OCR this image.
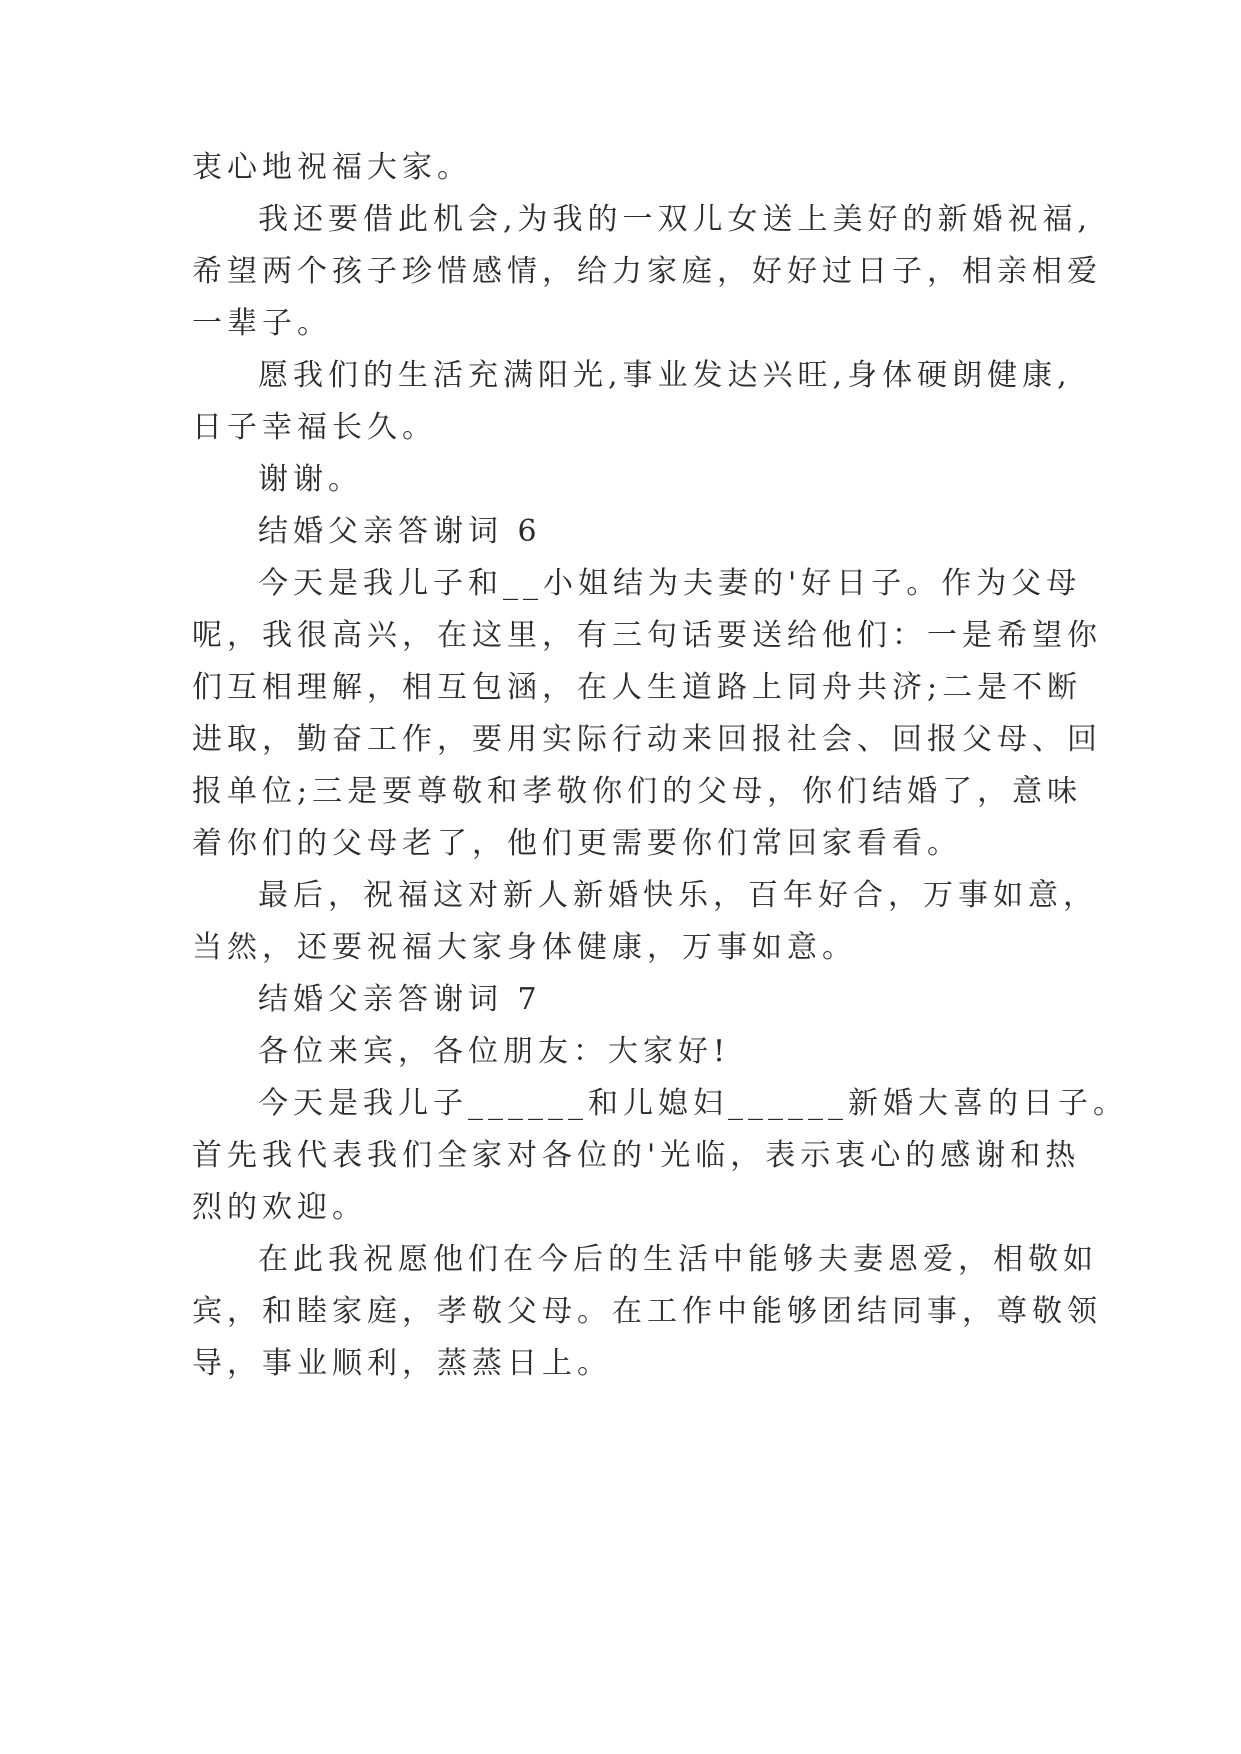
衷心地祝福大家。
我还要借此机会,为我的一双儿女送上美好的新婚祝福,
希望两个孩子珍惜感情，给力家庭，好好过日子，相亲相爱
一辈子。
愿我们的生活充满阳光,事业发达兴旺,身体硬朗健康,
日子幸福长久。
谢谢。
结婚父亲答谢词 6
今天是我儿子和__小姐结为夫妻的'好日子。作为父母
呢，我很高兴，在这里，有三句话要送给他们：一是希望你
们互相理解，相互包涵，在人生道路上同舟共济;二是不断
进取，勤奋工作，要用实际行动来回报社会、回报父母、回
报单位;三是要尊敬和孝敬你们的父母，你们结婚了，意味
着你们的父母老了，他们更需要你们常回家看看。
最后，祝福这对新人新婚快乐，百年好合，万事如意，
当然，还要祝福大家身体健康，万事如意。
结婚父亲答谢词 7
各位来宾，各位朋友：大家好!
今天是我儿子______和儿媳妇______新婚大喜的日子。
首先我代表我们全家对各位的'光临，表示衷心的感谢和热
烈的欢迎。
在此我祝愿他们在今后的生活中能够夫妻恩爱，相敬如
宾，和睦家庭，孝敬父母。在工作中能够团结同事，尊敬领
导，事业顺利，蒸蒸日上。
